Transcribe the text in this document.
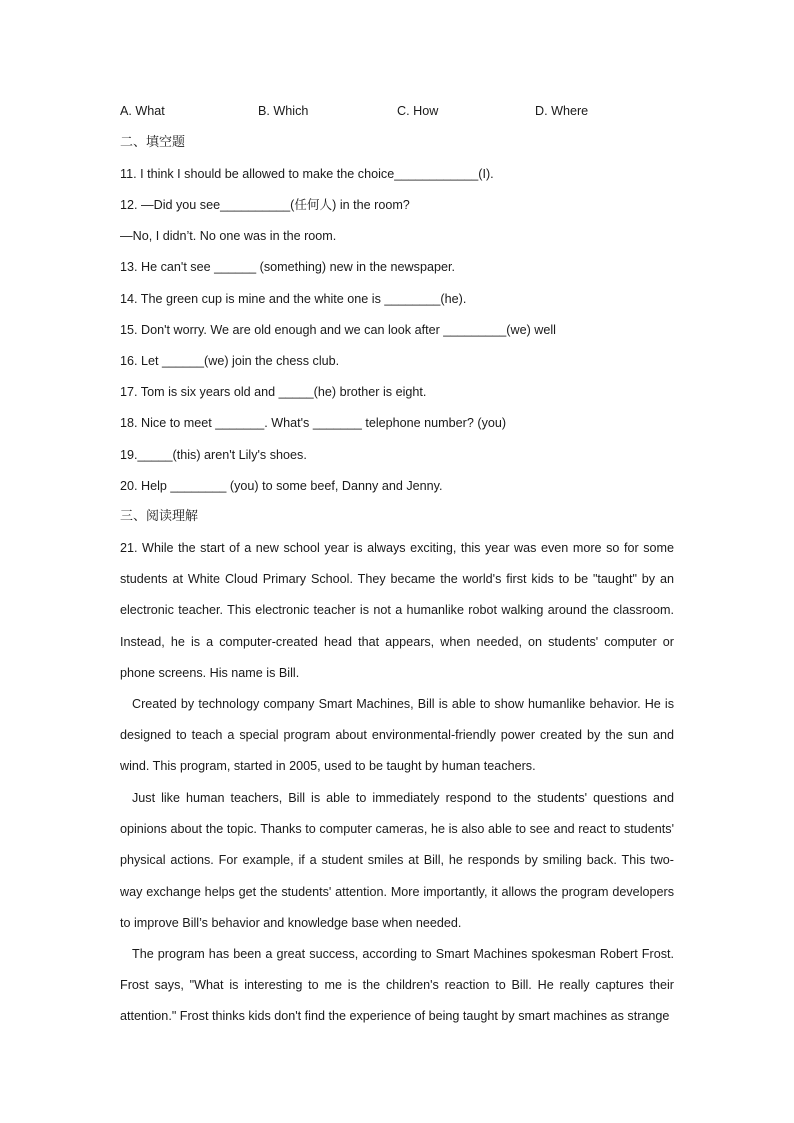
A. What	B. Which	C. How	D. Where
二、填空题
11. I think I should be allowed to make the choice____________(I).
12. —Did you see__________(任何人) in the room?
—No, I didn’t. No one was in the room.
13. He can't see ______ (something) new in the newspaper.
14. The green cup is mine and the white one is ________(he).
15. Don't worry. We are old enough and we can look after _________(we) well
16. Let ______(we) join the chess club.
17. Tom is six years old and _____(he) brother is eight.
18. Nice to meet _______. What's _______ telephone number? (you)
19._____(this) aren't Lily's shoes.
20. Help ________ (you) to some beef, Danny and Jenny.
三、阅读理解
21. While the start of a new school year is always exciting, this year was even more so for some students at White Cloud Primary School. They became the world's first kids to be "taught" by an electronic teacher. This electronic teacher is not a humanlike robot walking around the classroom. Instead, he is a computer-created head that appears, when needed, on students' computer or phone screens. His name is Bill.
Created by technology company Smart Machines, Bill is able to show humanlike behavior. He is designed to teach a special program about environmental-friendly power created by the sun and wind. This program, started in 2005, used to be taught by human teachers.
Just like human teachers, Bill is able to immediately respond to the students' questions and opinions about the topic. Thanks to computer cameras, he is also able to see and react to students' physical actions. For example, if a student smiles at Bill, he responds by smiling back. This two-way exchange helps get the students' attention. More importantly, it allows the program developers to improve Bill’s behavior and knowledge base when needed.
The program has been a great success, according to Smart Machines spokesman Robert Frost. Frost says, "What is interesting to me is the children's reaction to Bill. He really captures their attention." Frost thinks kids don't find the experience of being taught by smart machines as strange
